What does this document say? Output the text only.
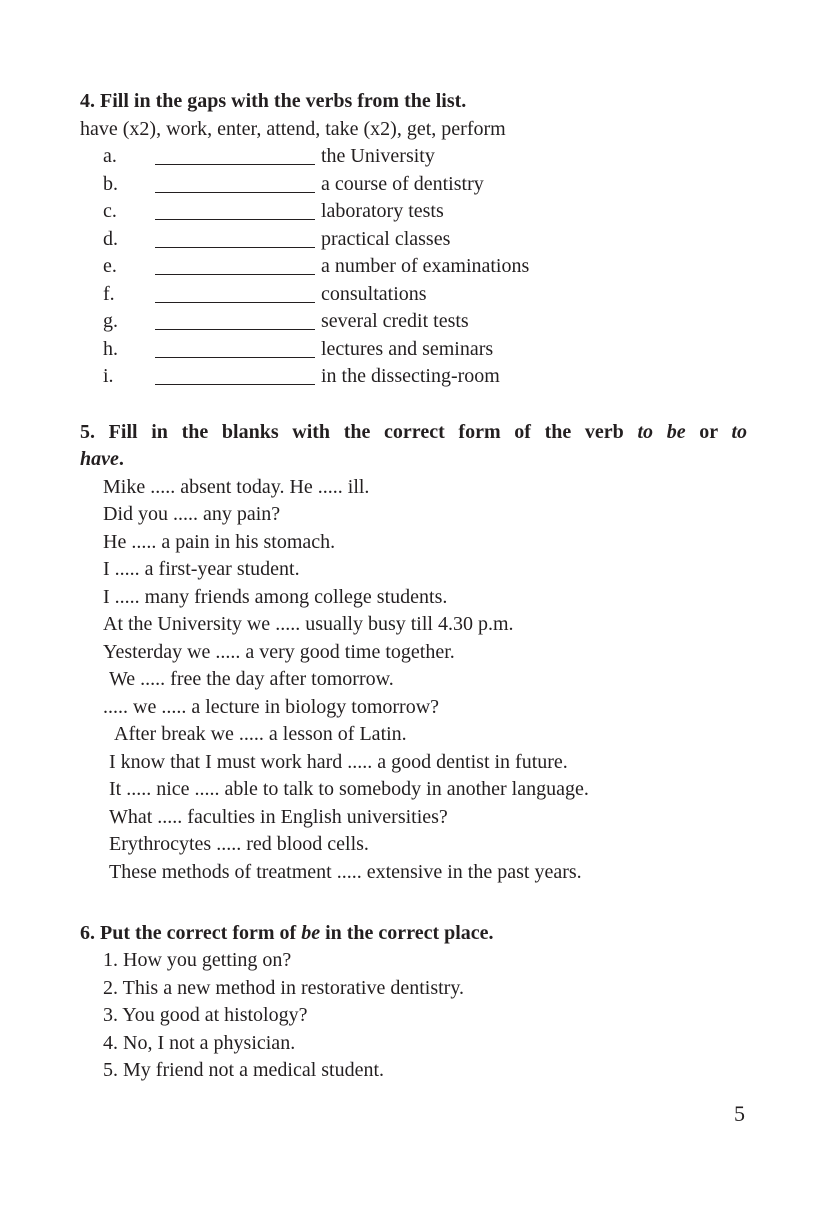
4. Fill in the gaps with the verbs from the list.

have (x2), work, enter, attend, take (x2), get, perform

a.	the University
b.	a course of dentistry
c.	laboratory tests
d.	practical classes
e.	a number of examinations
f.	consultations
g.	several credit tests
h.	lectures and seminars
i.	in the dissecting-room

5. Fill in the blanks with the correct form of the verb to be or to

have.

Mike ..... absent today. He ..... ill.
Did you ..... any pain?
He ..... a pain in his stomach.
I ..... a first-year student.
I ..... many friends among college students.
At the University we ..... usually busy till 4.30 p.m.
Yesterday we ..... a very good time together.
We ..... free the day after tomorrow.
..... we ..... a lecture in biology tomorrow?
After break we ..... a lesson of Latin.
I know that I must work hard ..... a good dentist in future.
It ..... nice ..... able to talk to somebody in another language.
What ..... faculties in English universities?
Erythrocytes ..... red blood cells.
These methods of treatment ..... extensive in the past years.

6. Put the correct form of be in the correct place.

1. How you getting on?
2. This a new method in restorative dentistry.
3. You good at histology?
4. No, I not a physician.
5. My friend not a medical student.
5
